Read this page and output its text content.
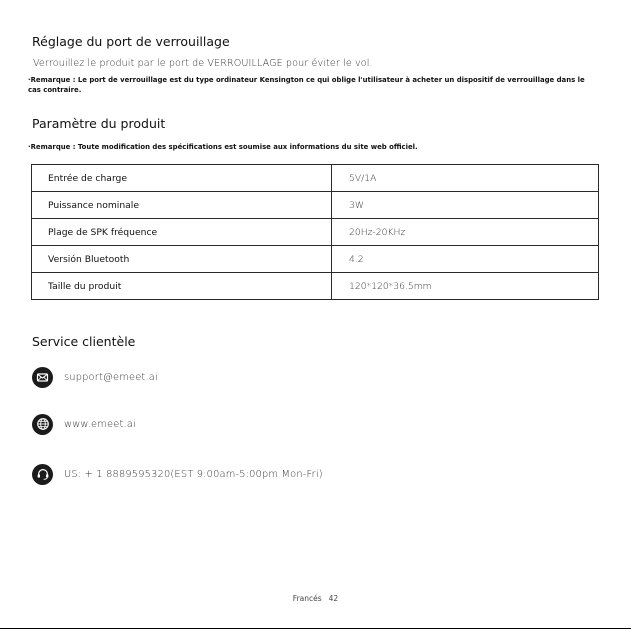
Réglage du port de verrouillage
Verrouillez le produit par le port de VERROUILLAGE pour éviter le vol.
·Remarque : Le port de verrouillage est du type ordinateur Kensington ce qui oblige l'utilisateur à acheter un dispositif de verrouillage dans le cas contraire.
Paramètre du produit
·Remarque : Toute modification des spécifications est soumise aux informations du site web officiel.
Entrée de charge	5V/1A
Puissance nominale	3W
Plage de SPK fréquence	20Hz-20KHz
Versión Bluetooth	4.2
Taille du produit	120*120*36.5mm
Service clientèle
support@emeet.ai
www.emeet.ai
US: + 1 8889595320(EST 9:00am-5:00pm Mon-Fri)
Francés 42
